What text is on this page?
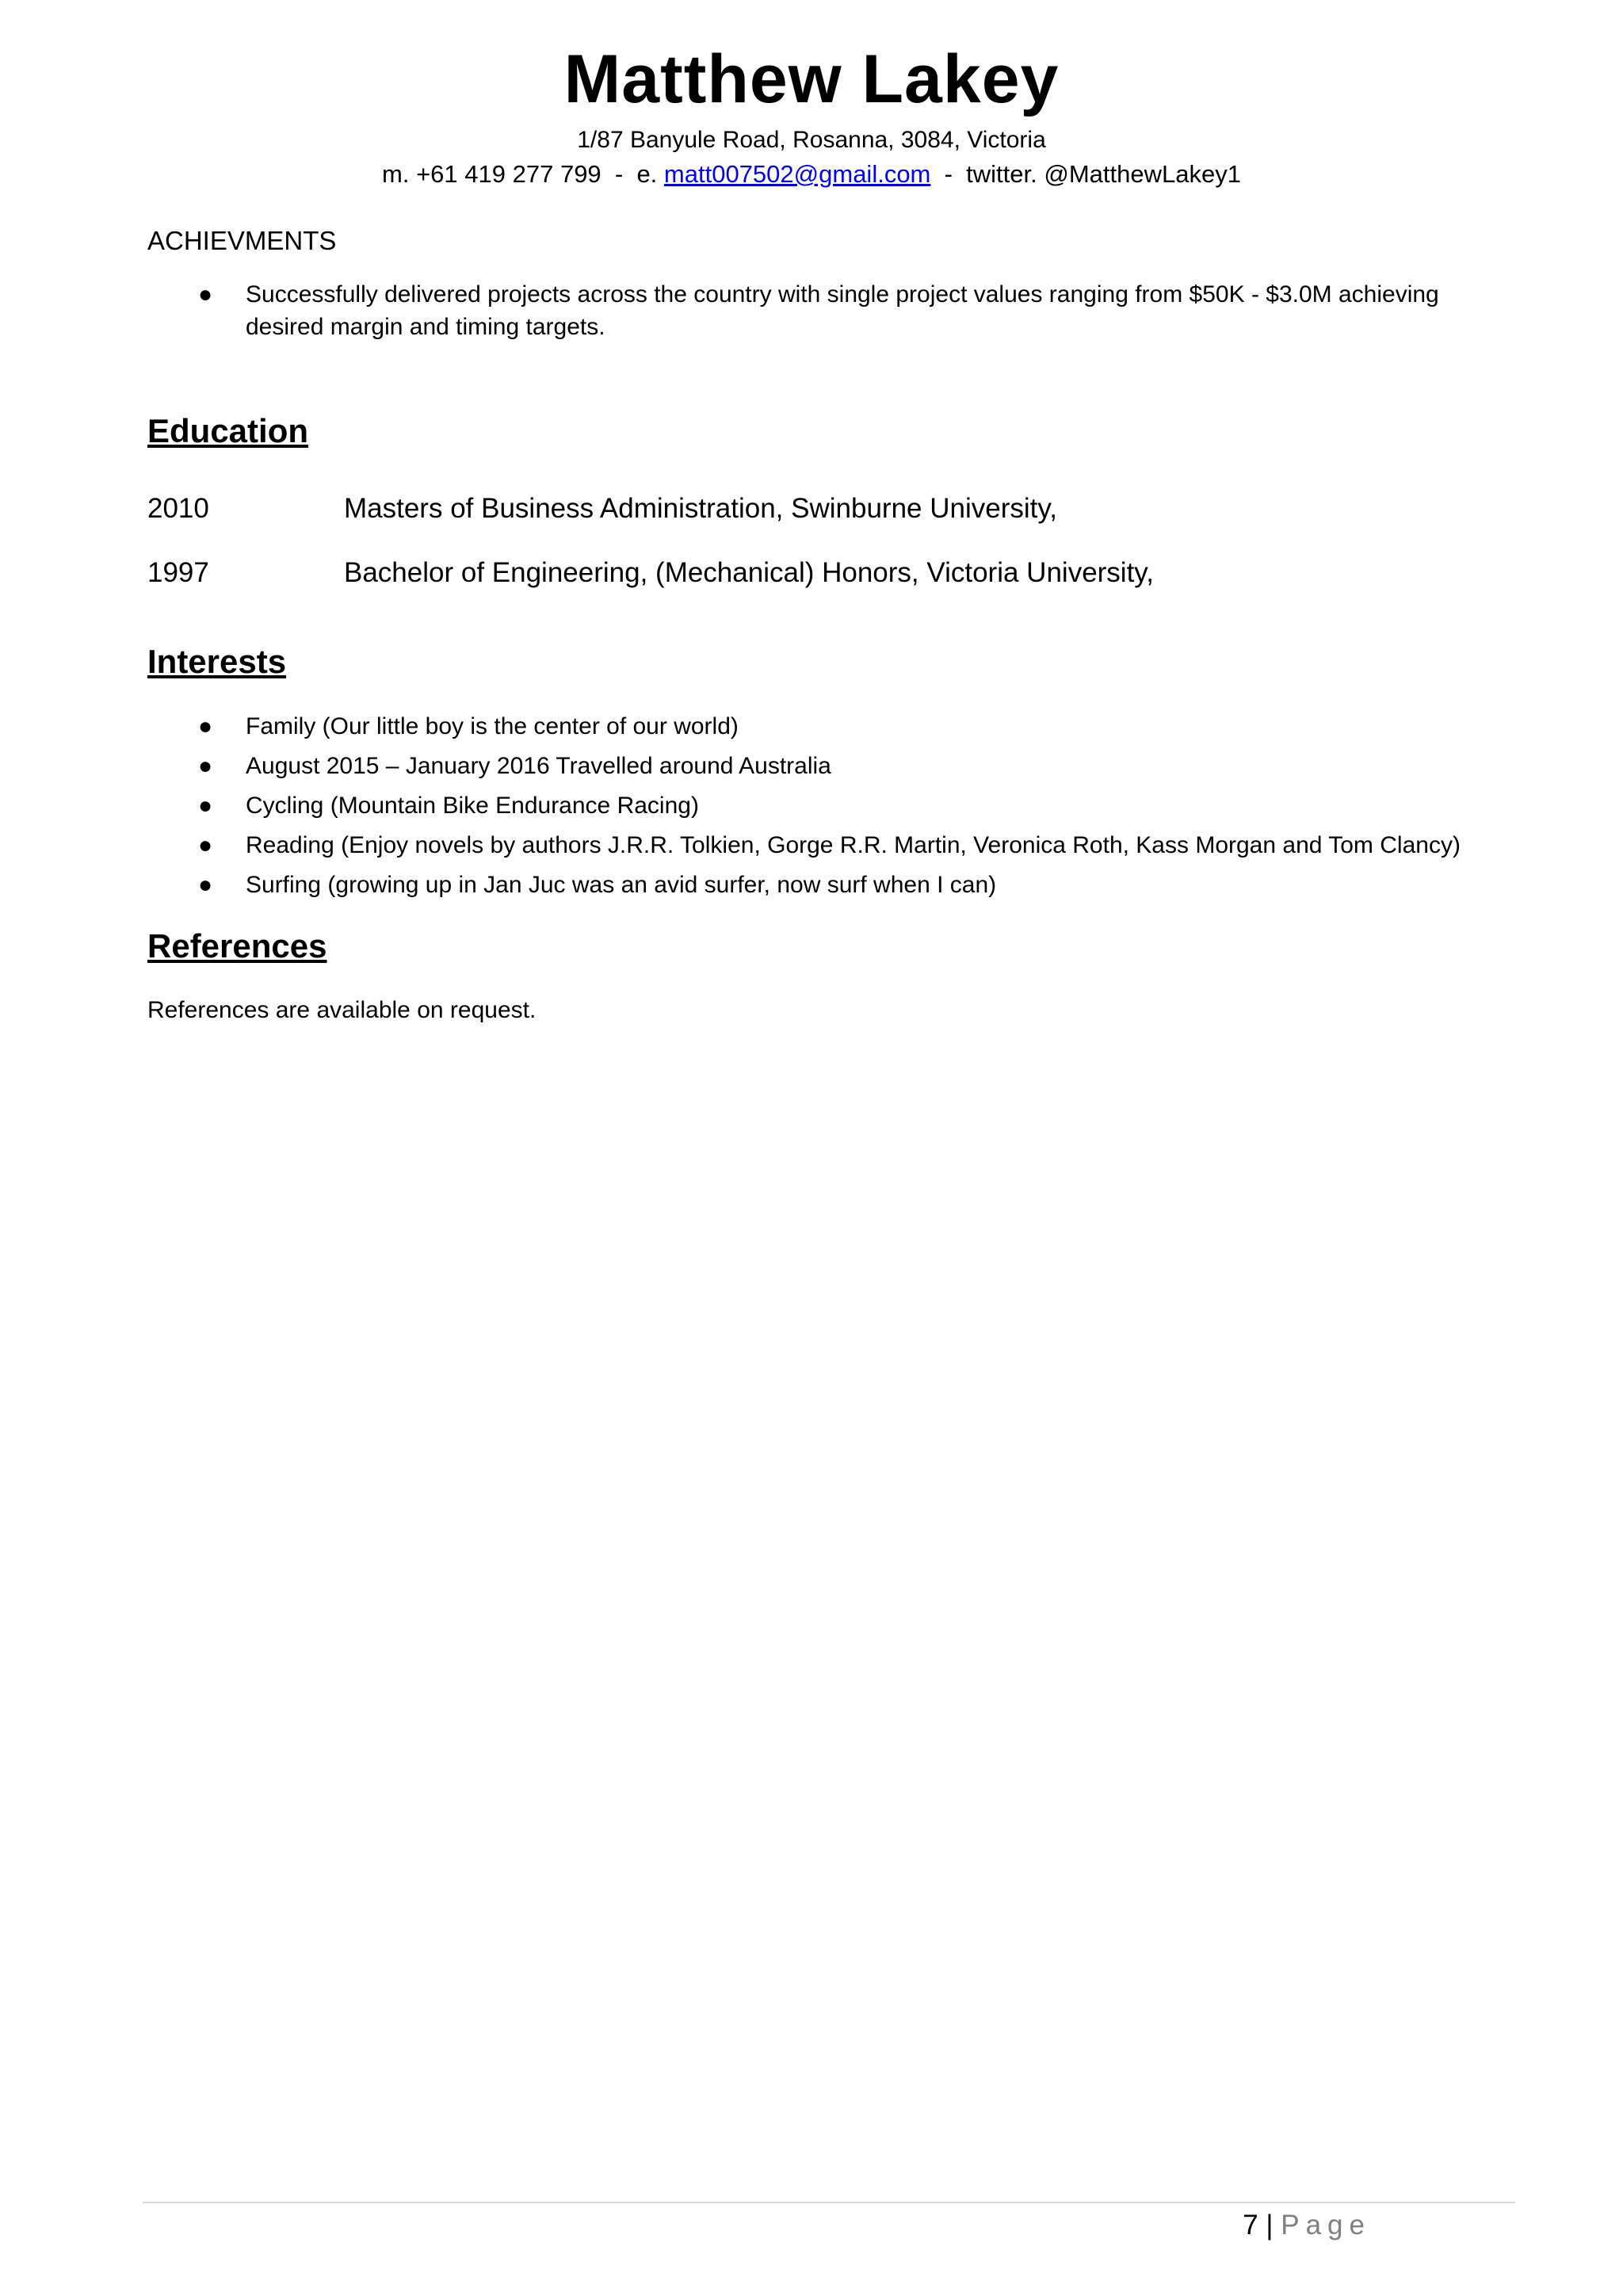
Matthew Lakey
1/87 Banyule Road, Rosanna, 3084, Victoria
m. +61 419 277 799  -  e. matt007502@gmail.com  -  twitter. @MatthewLakey1
ACHIEVMENTS
● Successfully delivered projects across the country with single project values ranging from $50K - $3.0M achieving desired margin and timing targets.
Education
2010	Masters of Business Administration, Swinburne University,
1997	Bachelor of Engineering, (Mechanical) Honors, Victoria University,
Interests
● Family (Our little boy is the center of our world)
● August 2015 – January 2016 Travelled around Australia
● Cycling (Mountain Bike Endurance Racing)
● Reading (Enjoy novels by authors J.R.R. Tolkien, Gorge R.R. Martin, Veronica Roth, Kass Morgan and Tom Clancy)
● Surfing (growing up in Jan Juc was an avid surfer, now surf when I can)
References
References are available on request.
7 | Page
